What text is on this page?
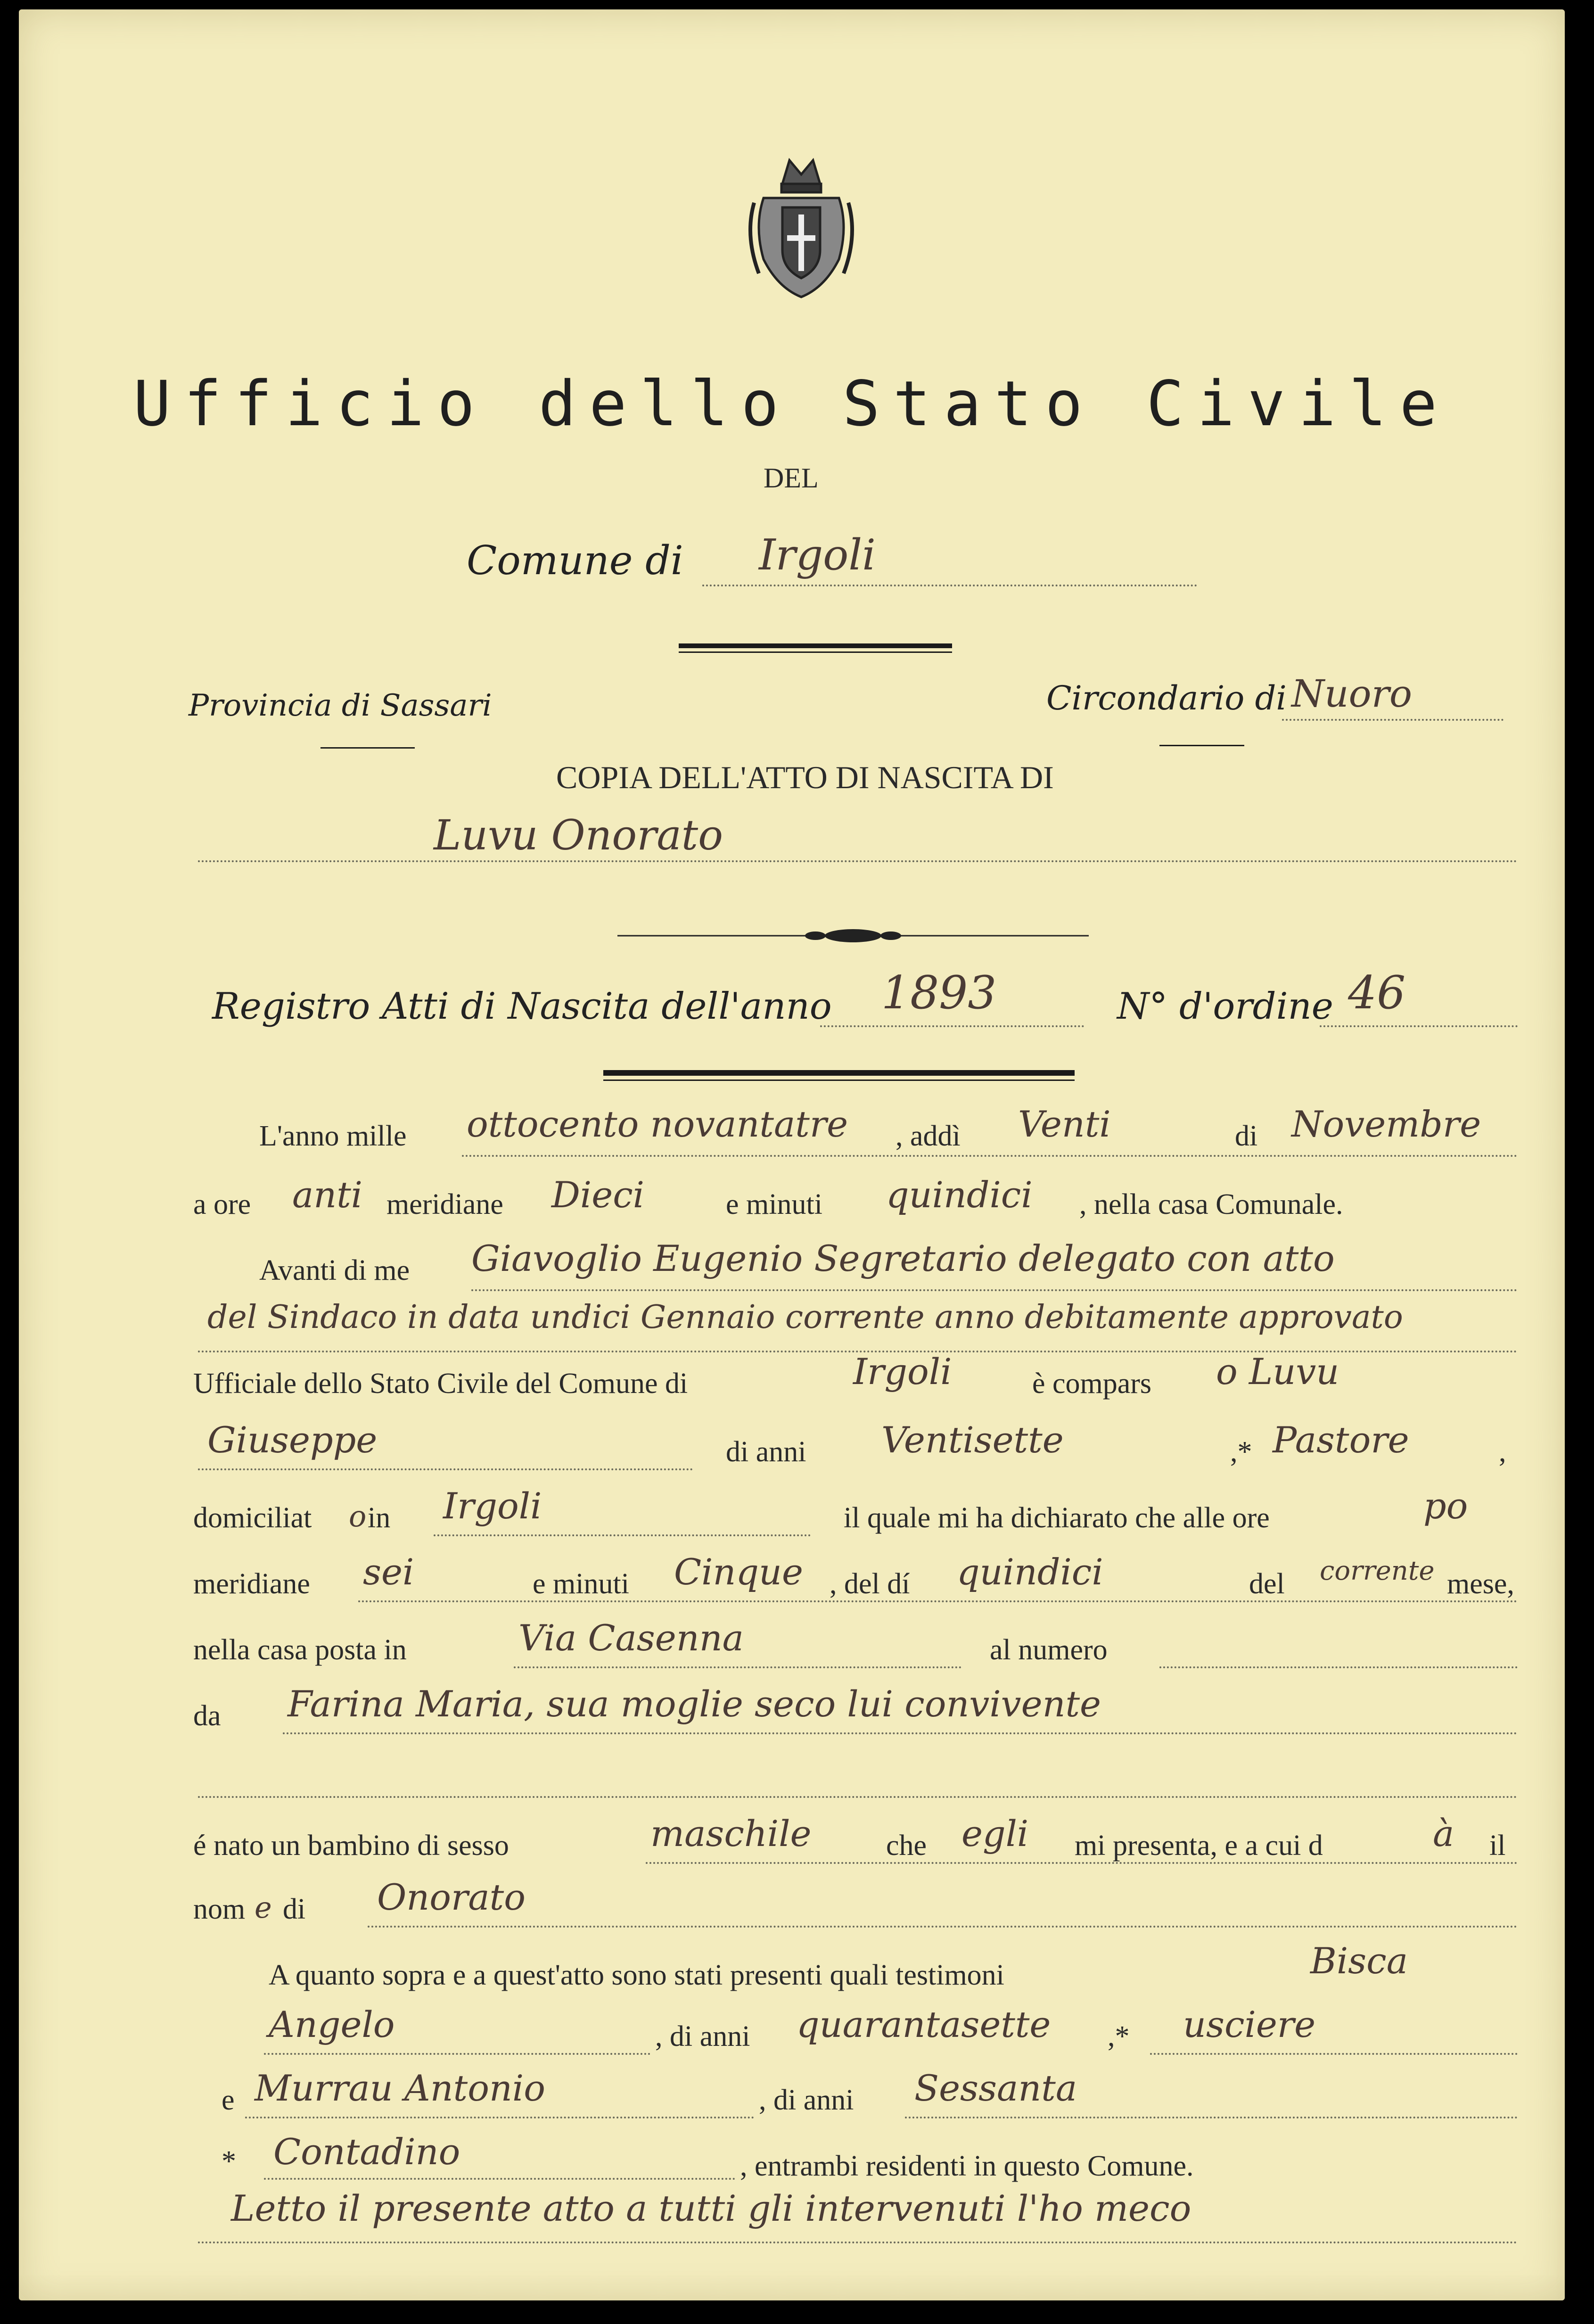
Ufficio dello Stato Civile
DEL
Comune di Irgoli
Provincia di Sassari	Circondario di Nuoro
COPIA DELL'ATTO DI NASCITA DI
Luvu Onorato
Registro Atti di Nascita dell'anno 1893	N° d'ordine 46
L'anno mille ottocento novantatre , addì Venti	di Novembre
a ore anti meridiane Dieci	e minuti quindici , nella casa Comunale.
Avanti di me Giavoglio Eugenio Segretario delegato con atto
del Sindaco in data undici Gennaio corrente anno debitamente approvato
Ufficiale dello Stato Civile del Comune di	Irgoli	è compars o Luvu
Giuseppe	di anni Ventisette	,* Pastore	,
domiciliat o in Irgoli	il quale mi ha dichiarato che alle ore	po
meridiane sei	e minuti Cinque , del dí quindici	del corrente mese,
nella casa posta in	Via Casenna	al numero
da Farina Maria, sua moglie seco lui convivente
é nato un bambino di sesso	maschile	che egli mi presenta, e a cui d	à il
nom e di Onorato
A quanto sopra e a quest'atto sono stati presenti quali testimoni	Bisca
Angelo	, di anni quarantasette ,* usciere
e Murrau Antonio	, di anni Sessanta
* Contadino	, entrambi residenti in questo Comune.
Letto il presente atto a tutti gli intervenuti l'ho meco
